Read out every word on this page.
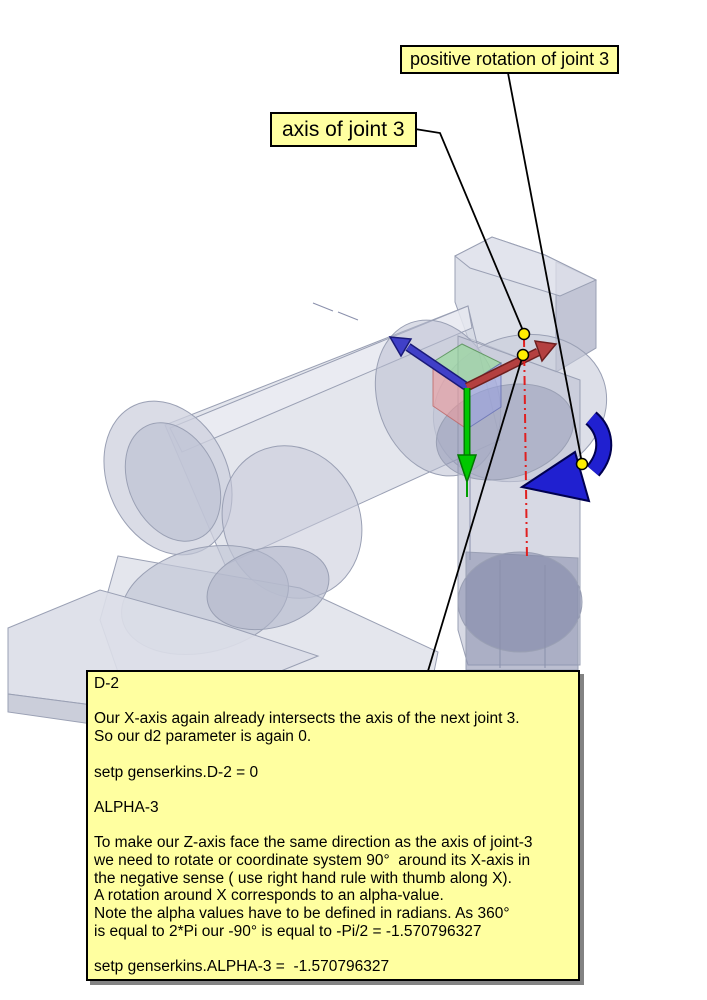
positive rotation of joint 3
axis of joint 3
D-2

Our X-axis again already intersects the axis of the next joint 3.
So our d2 parameter is again 0.

setp genserkins.D-2 = 0

ALPHA-3

To make our Z-axis face the same direction as the axis of joint-3
we need to rotate or coordinate system 90°  around its X-axis in
the negative sense ( use right hand rule with thumb along X).
A rotation around X corresponds to an alpha-value.
Note the alpha values have to be defined in radians. As 360°
is equal to 2*Pi our -90° is equal to -Pi/2 = -1.570796327

setp genserkins.ALPHA-3 =  -1.570796327
